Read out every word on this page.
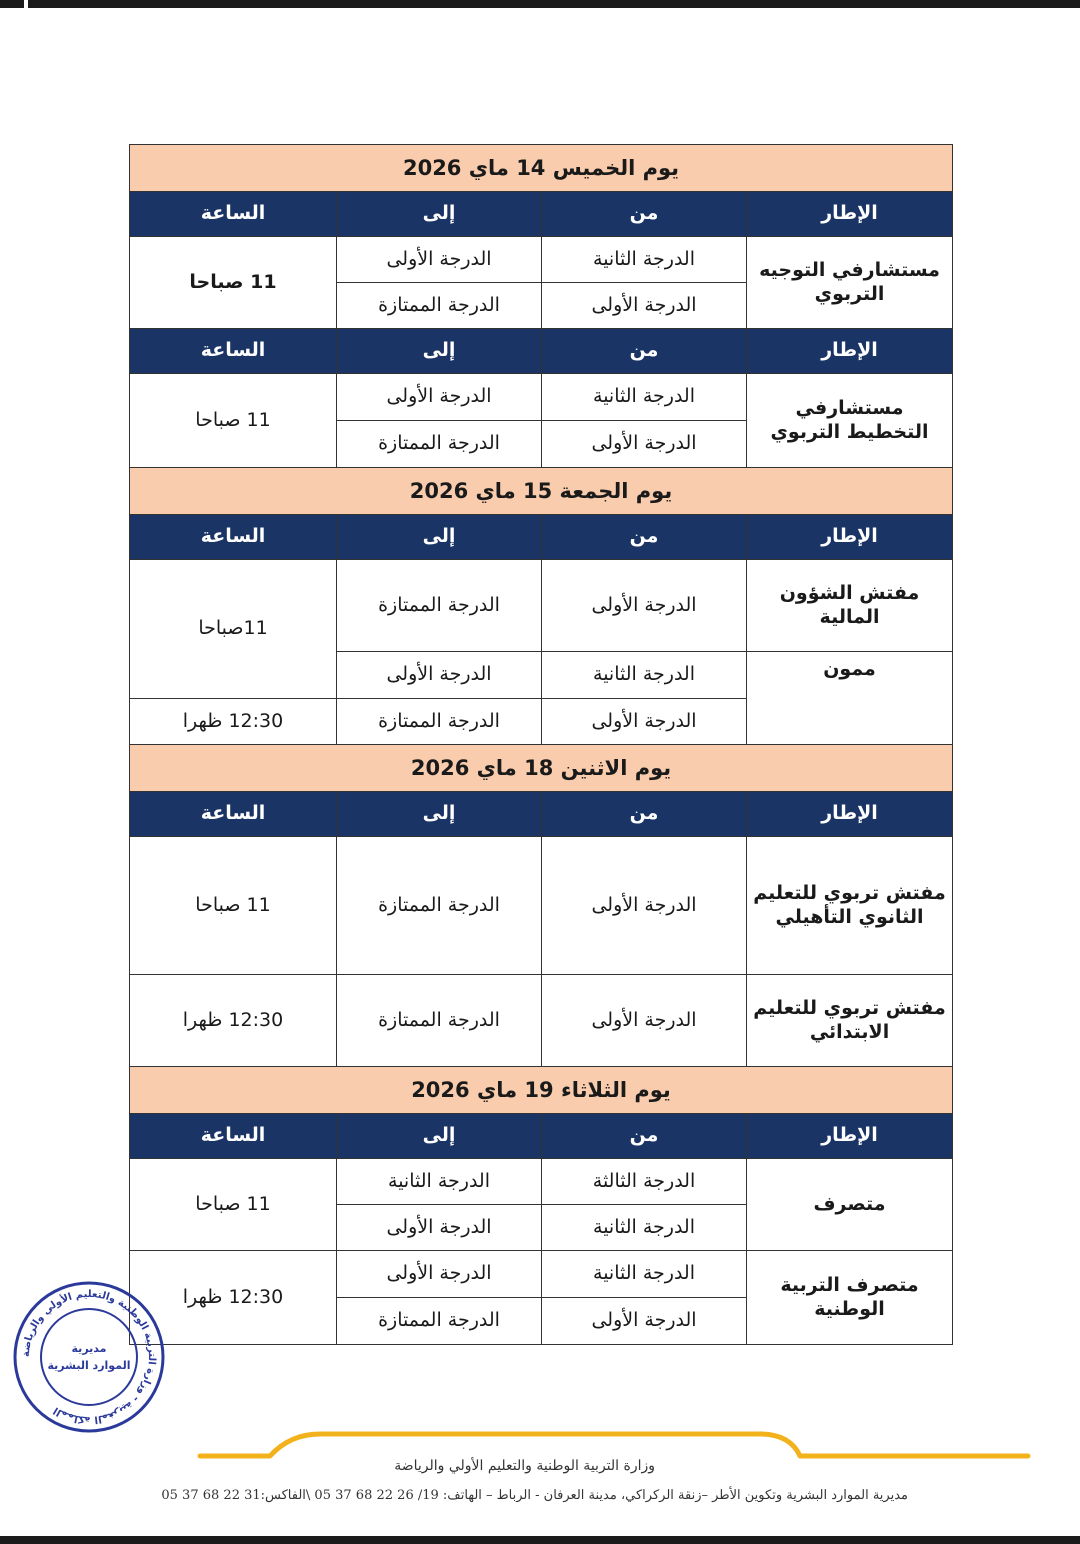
يوم الخميس 14 ماي 2026			
الإطار	من	إلى	الساعة
مستشارفي التوجيه التربوي	الدرجة الثانية	الدرجة الأولى	11 صباحا
	الدرجة الأولى	الدرجة الممتازة	
الإطار	من	إلى	الساعة
مستشارفي التخطيط التربوي	الدرجة الثانية	الدرجة الأولى	11 صباحا
	الدرجة الأولى	الدرجة الممتازة	
يوم الجمعة 15 ماي 2026			
الإطار	من	إلى	الساعة
مفتش الشؤون المالية	الدرجة الأولى	الدرجة الممتازة	11صباحا
ممون	الدرجة الثانية	الدرجة الأولى	
	الدرجة الأولى	الدرجة الممتازة	12:30 ظهرا
يوم الاثنين 18 ماي 2026			
الإطار	من	إلى	الساعة
مفتش تربوي للتعليم الثانوي التأهيلي	الدرجة الأولى	الدرجة الممتازة	11 صباحا
مفتش تربوي للتعليم الابتدائي	الدرجة الأولى	الدرجة الممتازة	12:30 ظهرا
يوم الثلاثاء 19 ماي 2026			
الإطار	من	إلى	الساعة
متصرف	الدرجة الثالثة	الدرجة الثانية	11 صباحا
	الدرجة الثانية	الدرجة الأولى	
متصرف التربية الوطنية	الدرجة الثانية	الدرجة الأولى	12:30 ظهرا
	الدرجة الأولى	الدرجة الممتازة	
المملكة المغربية - وزارة التربية الوطنية والتعليم الأولي والرياضة
مديرية
الموارد البشرية
وزارة التربية الوطنية والتعليم الأولي والرياضة
مديرية الموارد البشرية وتكوين الأطر –زنقة الركراكي، مدينة العرفان - الرباط – الهاتف: 19/ 26 22 68 37 05 \الفاكس:31 22 68 37 05
